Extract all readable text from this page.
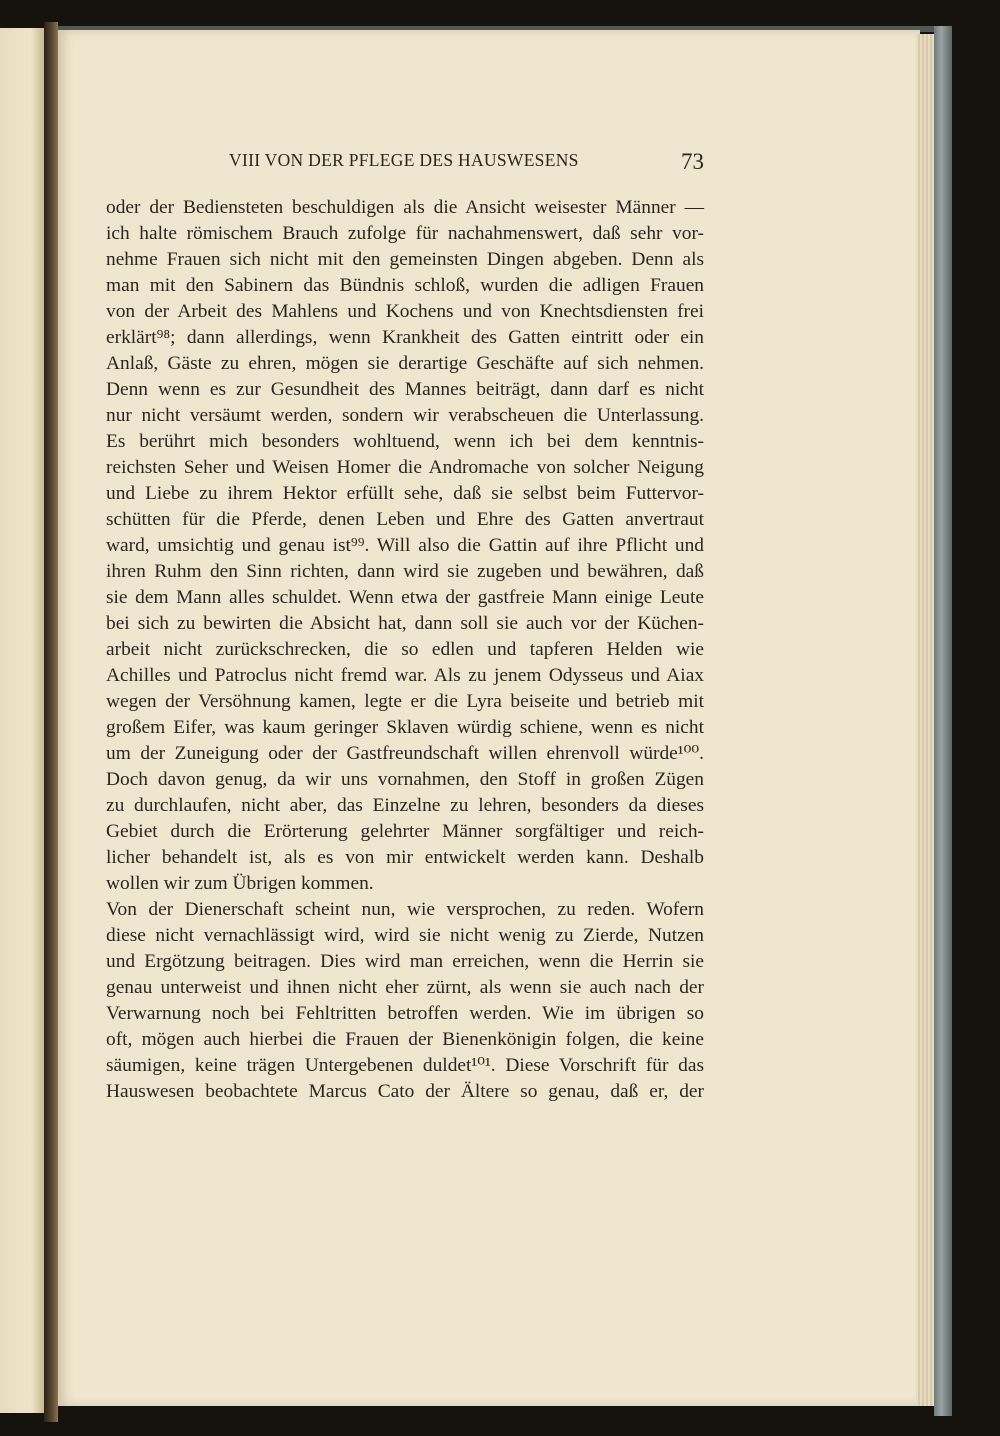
VIII VON DER PFLEGE DES HAUSWESENS	73
oder der Bediensteten beschuldigen als die Ansicht weisester Männer —
ich halte römischem Brauch zufolge für nachahmenswert, daß sehr vor-
nehme Frauen sich nicht mit den gemeinsten Dingen abgeben. Denn als
man mit den Sabinern das Bündnis schloß, wurden die adligen Frauen
von der Arbeit des Mahlens und Kochens und von Knechtsdiensten frei
erklärt⁹⁸; dann allerdings, wenn Krankheit des Gatten eintritt oder ein
Anlaß, Gäste zu ehren, mögen sie derartige Geschäfte auf sich nehmen.
Denn wenn es zur Gesundheit des Mannes beiträgt, dann darf es nicht
nur nicht versäumt werden, sondern wir verabscheuen die Unterlassung.
Es berührt mich besonders wohltuend, wenn ich bei dem kenntnis-
reichsten Seher und Weisen Homer die Andromache von solcher Neigung
und Liebe zu ihrem Hektor erfüllt sehe, daß sie selbst beim Futtervor-
schütten für die Pferde, denen Leben und Ehre des Gatten anvertraut
ward, umsichtig und genau ist⁹⁹. Will also die Gattin auf ihre Pflicht und
ihren Ruhm den Sinn richten, dann wird sie zugeben und bewähren, daß
sie dem Mann alles schuldet. Wenn etwa der gastfreie Mann einige Leute
bei sich zu bewirten die Absicht hat, dann soll sie auch vor der Küchen-
arbeit nicht zurückschrecken, die so edlen und tapferen Helden wie
Achilles und Patroclus nicht fremd war. Als zu jenem Odysseus und Aiax
wegen der Versöhnung kamen, legte er die Lyra beiseite und betrieb mit
großem Eifer, was kaum geringer Sklaven würdig schiene, wenn es nicht
um der Zuneigung oder der Gastfreundschaft willen ehrenvoll würde¹⁰⁰.
Doch davon genug, da wir uns vornahmen, den Stoff in großen Zügen
zu durchlaufen, nicht aber, das Einzelne zu lehren, besonders da dieses
Gebiet durch die Erörterung gelehrter Männer sorgfältiger und reich-
licher behandelt ist, als es von mir entwickelt werden kann. Deshalb
wollen wir zum Übrigen kommen.
Von der Dienerschaft scheint nun, wie versprochen, zu reden. Wofern
diese nicht vernachlässigt wird, wird sie nicht wenig zu Zierde, Nutzen
und Ergötzung beitragen. Dies wird man erreichen, wenn die Herrin sie
genau unterweist und ihnen nicht eher zürnt, als wenn sie auch nach der
Verwarnung noch bei Fehltritten betroffen werden. Wie im übrigen so
oft, mögen auch hierbei die Frauen der Bienenkönigin folgen, die keine
säumigen, keine trägen Untergebenen duldet¹⁰¹. Diese Vorschrift für das
Hauswesen beobachtete Marcus Cato der Ältere so genau, daß er, der
